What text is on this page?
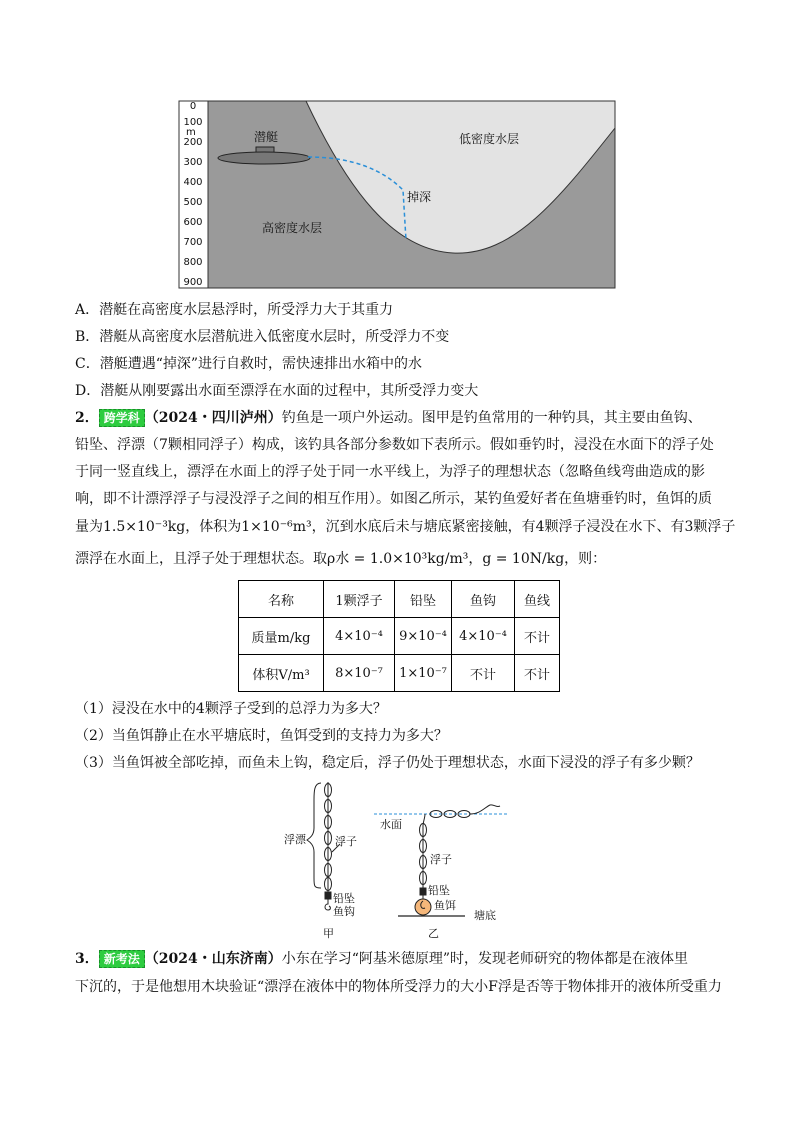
0
100
m
200
300
400
500
600
700
800
900
潜艇	低密度水层
高密度水层
掉深
A．潜艇在高密度水层悬浮时，所受浮力大于其重力
B．潜艇从高密度水层潜航进入低密度水层时，所受浮力不变
C．潜艇遭遇“掉深”进行自救时，需快速排出水箱中的水
D．潜艇从刚要露出水面至漂浮在水面的过程中，其所受浮力变大
2． 跨学科 （2024・四川泸州）钓鱼是一项户外运动。图甲是钓鱼常用的一种钓具，其主要由鱼钩、
铅坠、浮漂（7颗相同浮子）构成，该钓具各部分参数如下表所示。假如垂钓时，浸没在水面下的浮子处
于同一竖直线上，漂浮在水面上的浮子处于同一水平线上，为浮子的理想状态（忽略鱼线弯曲造成的影
响，即不计漂浮浮子与浸没浮子之间的相互作用）。如图乙所示，某钓鱼爱好者在鱼塘垂钓时，鱼饵的质
量为1.5×10⁻³kg，体积为1×10⁻⁶m³，沉到水底后未与塘底紧密接触，有4颗浮子浸没在水下、有3颗浮子
漂浮在水面上，且浮子处于理想状态。取ρ水 = 1.0×10³kg/m³，g = 10N/kg，则：
名称	1颗浮子	铅坠	鱼钩	鱼线
质量m/kg	4×10⁻⁴	9×10⁻⁴	4×10⁻⁴	不计
体积V/m³	8×10⁻⁷	1×10⁻⁷	不计	不计
（1）浸没在水中的4颗浮子受到的总浮力为多大？
（2）当鱼饵静止在水平塘底时，鱼饵受到的支持力为多大？
（3）当鱼饵被全部吃掉，而鱼未上钩，稳定后，浮子仍处于理想状态，水面下浸没的浮子有多少颗？
浮漂	浮子
铅坠
鱼钩
甲
水面
浮子
铅坠
鱼饵
塘底
乙
3． 新考法 （2024・山东济南）小东在学习“阿基米德原理”时，发现老师研究的物体都是在液体里
下沉的，于是他想用木块验证“漂浮在液体中的物体所受浮力的大小F浮是否等于物体排开的液体所受重力
